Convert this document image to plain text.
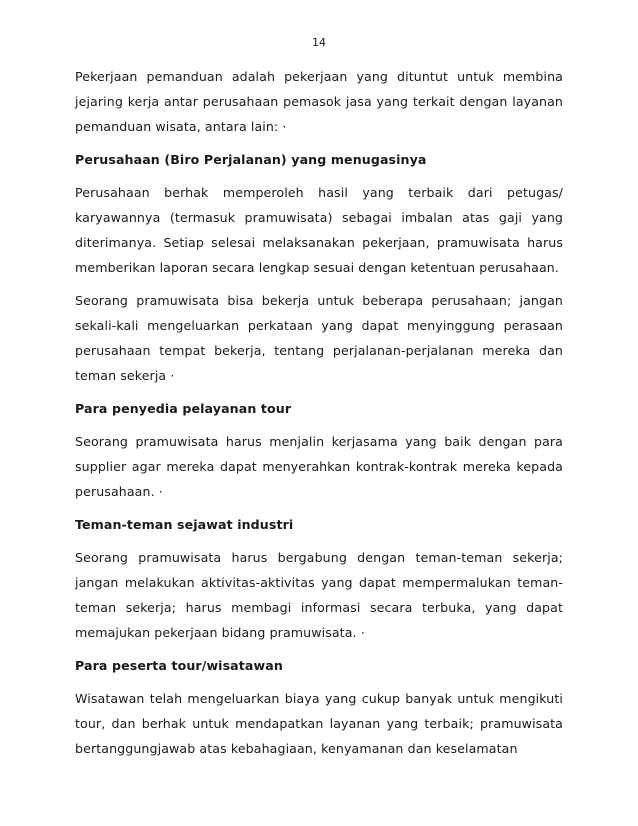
14

Pekerjaan pemanduan adalah pekerjaan yang dituntut untuk membina jejaring kerja antar perusahaan pemasok jasa yang terkait dengan layanan pemanduan wisata, antara lain: ·

Perusahaan (Biro Perjalanan) yang menugasinya

Perusahaan berhak memperoleh hasil yang terbaik dari petugas/ karyawannya (termasuk pramuwisata) sebagai imbalan atas gaji yang diterimanya. Setiap selesai melaksanakan pekerjaan, pramuwisata harus memberikan laporan secara lengkap sesuai dengan ketentuan perusahaan.

Seorang pramuwisata bisa bekerja untuk beberapa perusahaan; jangan sekali-kali mengeluarkan perkataan yang dapat menyinggung perasaan perusahaan tempat bekerja, tentang perjalanan-perjalanan mereka dan teman sekerja ·

Para penyedia pelayanan tour

Seorang pramuwisata harus menjalin kerjasama yang baik dengan para supplier agar mereka dapat menyerahkan kontrak-kontrak mereka kepada perusahaan. ·

Teman-teman sejawat industri

Seorang pramuwisata harus bergabung dengan teman-teman sekerja; jangan melakukan aktivitas-aktivitas yang dapat mempermalukan teman-teman sekerja; harus membagi informasi secara terbuka, yang dapat memajukan pekerjaan bidang pramuwisata. ·

Para peserta tour/wisatawan

Wisatawan telah mengeluarkan biaya yang cukup banyak untuk mengikuti tour, dan berhak untuk mendapatkan layanan yang terbaik; pramuwisata bertanggungjawab atas kebahagiaan, kenyamanan dan keselamatan
